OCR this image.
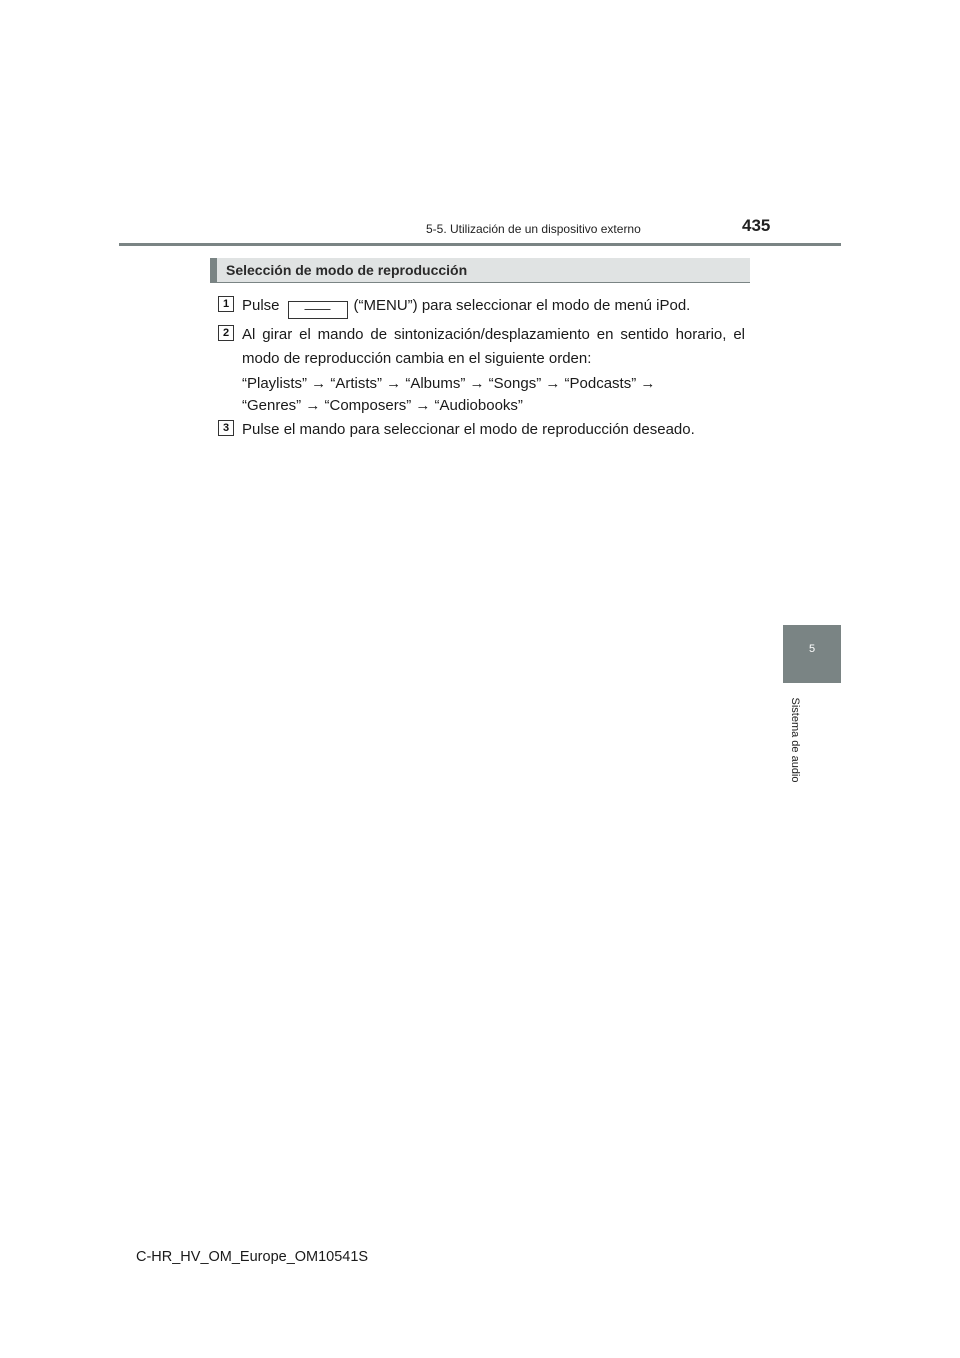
5-5. Utilización de un dispositivo externo	435
5
Sistema de audio
Selección de modo de reproducción
1 Pulse —— (“MENU”) para seleccionar el modo de menú iPod.
2 Al girar el mando de sintonización/desplazamiento en sentido horario, el modo de reproducción cambia en el siguiente orden:
“Playlists” → “Artists” → “Albums” → “Songs” → “Podcasts” →
“Genres” → “Composers” → “Audiobooks”
3 Pulse el mando para seleccionar el modo de reproducción deseado.
C-HR_HV_OM_Europe_OM10541S
